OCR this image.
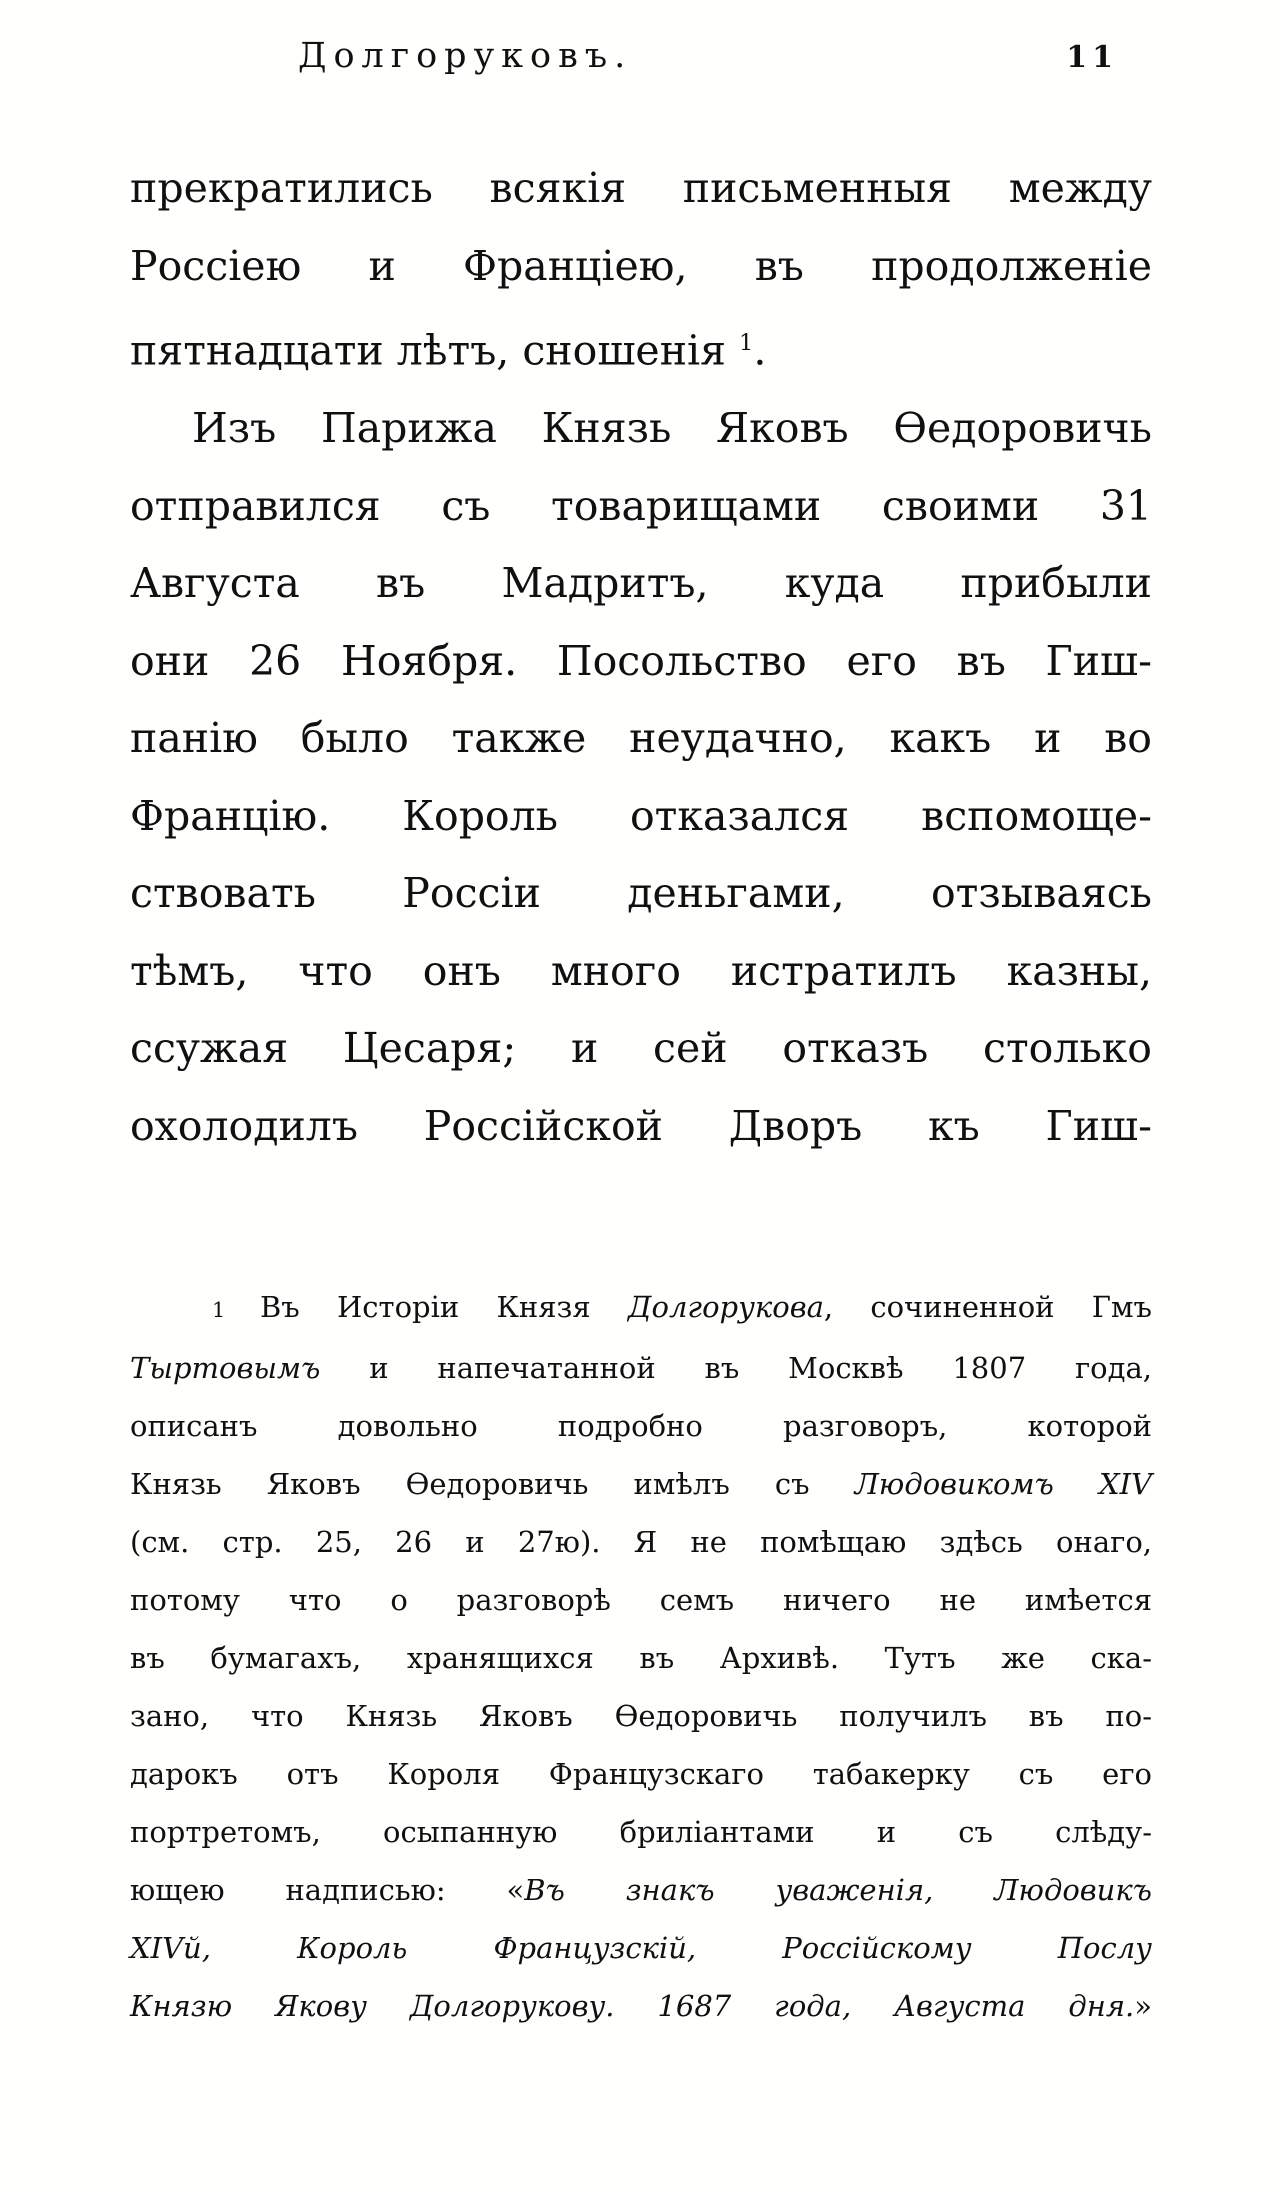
Долгоруковъ.	11
прекратились всякія письменныя между
Россіею и Франціею, въ продолженіе
пятнадцати лѣтъ, сношенія $^1$.
Изъ Парижа Князь Яковъ Ѳедоровичь
отправился съ товарищами своими 31
Августа въ Мадритъ, куда прибыли
они 26 Ноября. Посольство его въ Гиш-
панію было также неудачно, какъ и во
Францію. Король отказался вспомоще-
ствовать Россіи деньгами, отзываясь
тѣмъ, что онъ много истратилъ казны,
ссужая Цесаря; и сей отказъ столько
охолодилъ Россійской Дворъ къ Гиш-
1 Въ Исторіи Князя Долгорукова, сочиненной Гмъ
Тыртовымъ и напечатанной въ Москвѣ 1807 года,
описанъ довольно подробно разговоръ, которой
Князь Яковъ Ѳедоровичь имѣлъ съ Людовикомъ XIV
(см. стр. 25, 26 и 27ю). Я не помѣщаю здѣсь онаго,
потому что о разговорѣ семъ ничего не имѣется
въ бумагахъ, хранящихся въ Архивѣ. Тутъ же ска-
зано, что Князь Яковъ Ѳедоровичь получилъ въ по-
дарокъ отъ Короля Французскаго табакерку съ его
портретомъ, осыпанную бриліантами и съ слѣду-
ющею надписью: «Въ знакъ уваженія, Людовикъ
XIVй, Король Французскій, Россійскому Послу
Князю Якову Долгорукову. 1687 года, Августа дня.»
